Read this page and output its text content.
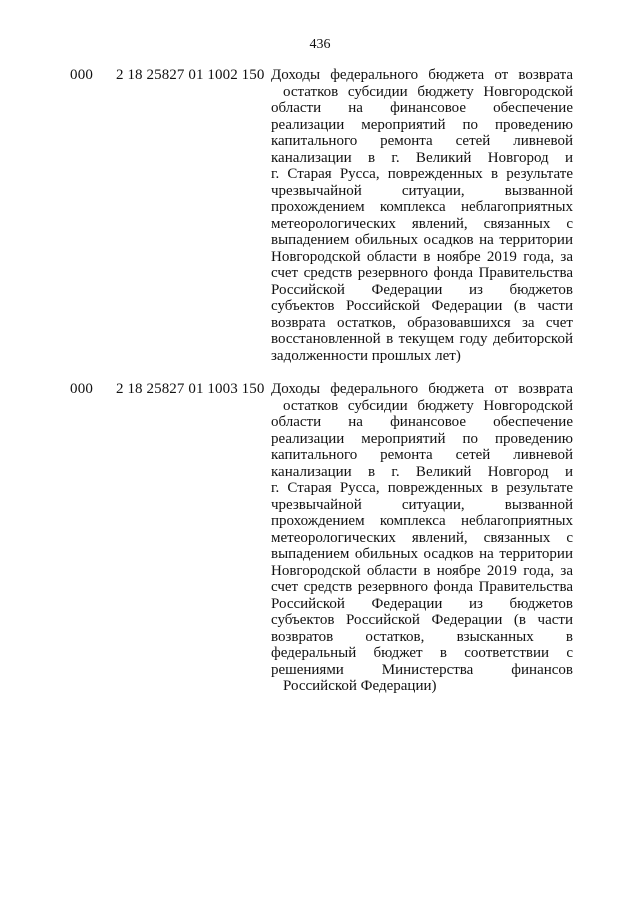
436
000 2 18 25827 01 1002 150 Доходы федерального бюджета от возврата
остатков субсидии бюджету Новгородской
области на финансовое обеспечение
реализации мероприятий по проведению
капитального ремонта сетей ливневой
канализации в г. Великий Новгород и
г. Старая Русса, поврежденных в результате
чрезвычайной ситуации, вызванной
прохождением комплекса неблагоприятных
метеорологических явлений, связанных с
выпадением обильных осадков на территории
Новгородской области в ноябре 2019 года, за
счет средств резервного фонда Правительства
Российской Федерации из бюджетов
субъектов Российской Федерации (в части
возврата остатков, образовавшихся за счет
восстановленной в текущем году дебиторской
задолженности прошлых лет)
000 2 18 25827 01 1003 150 Доходы федерального бюджета от возврата
остатков субсидии бюджету Новгородской
области на финансовое обеспечение
реализации мероприятий по проведению
капитального ремонта сетей ливневой
канализации в г. Великий Новгород и
г. Старая Русса, поврежденных в результате
чрезвычайной ситуации, вызванной
прохождением комплекса неблагоприятных
метеорологических явлений, связанных с
выпадением обильных осадков на территории
Новгородской области в ноябре 2019 года, за
счет средств резервного фонда Правительства
Российской Федерации из бюджетов
субъектов Российской Федерации (в части
возвратов остатков, взысканных в
федеральный бюджет в соответствии с
решениями Министерства финансов
Российской Федерации)
